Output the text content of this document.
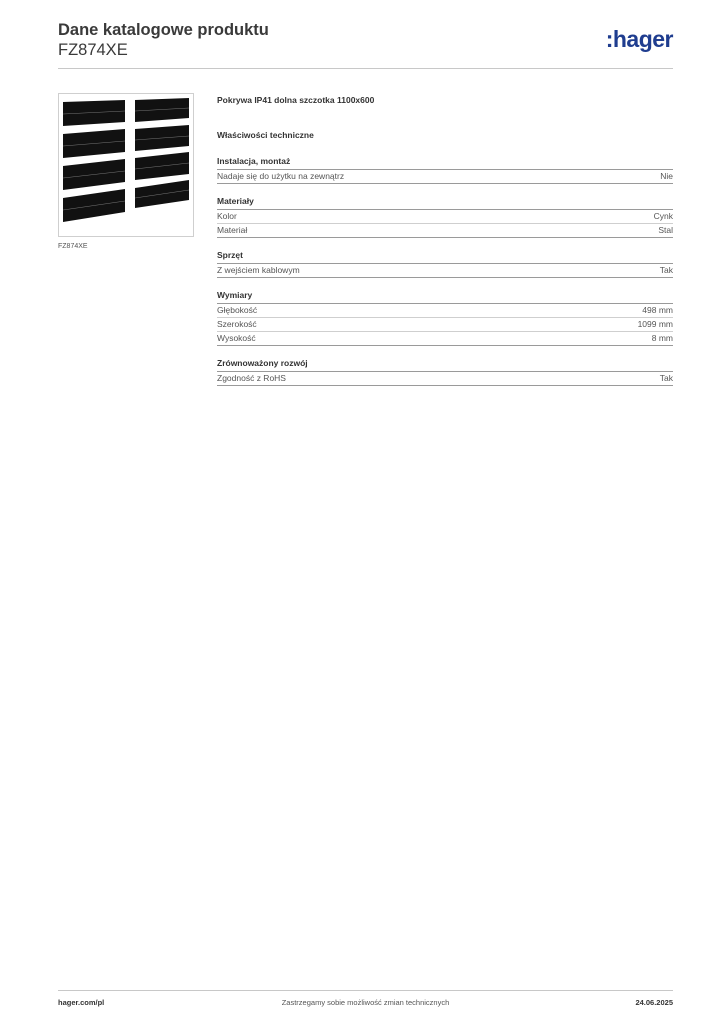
Dane katalogowe produktu
FZ874XE	:hager
FZ874XE
Pokrywa IP41 dolna szczotka 1100x600
Właściwości techniczne
Instalacja, montaż
Nadaje się do użytku na zewnątrz	Nie
Materiały
Kolor	Cynk
Materiał	Stal
Sprzęt
Z wejściem kablowym	Tak
Wymiary
Głębokość	498 mm
Szerokość	1099 mm
Wysokość	8 mm
Zrównoważony rozwój
Zgodność z RoHS	Tak
hager.com/pl	Zastrzegamy sobie możliwość zmian technicznych	24.06.2025
